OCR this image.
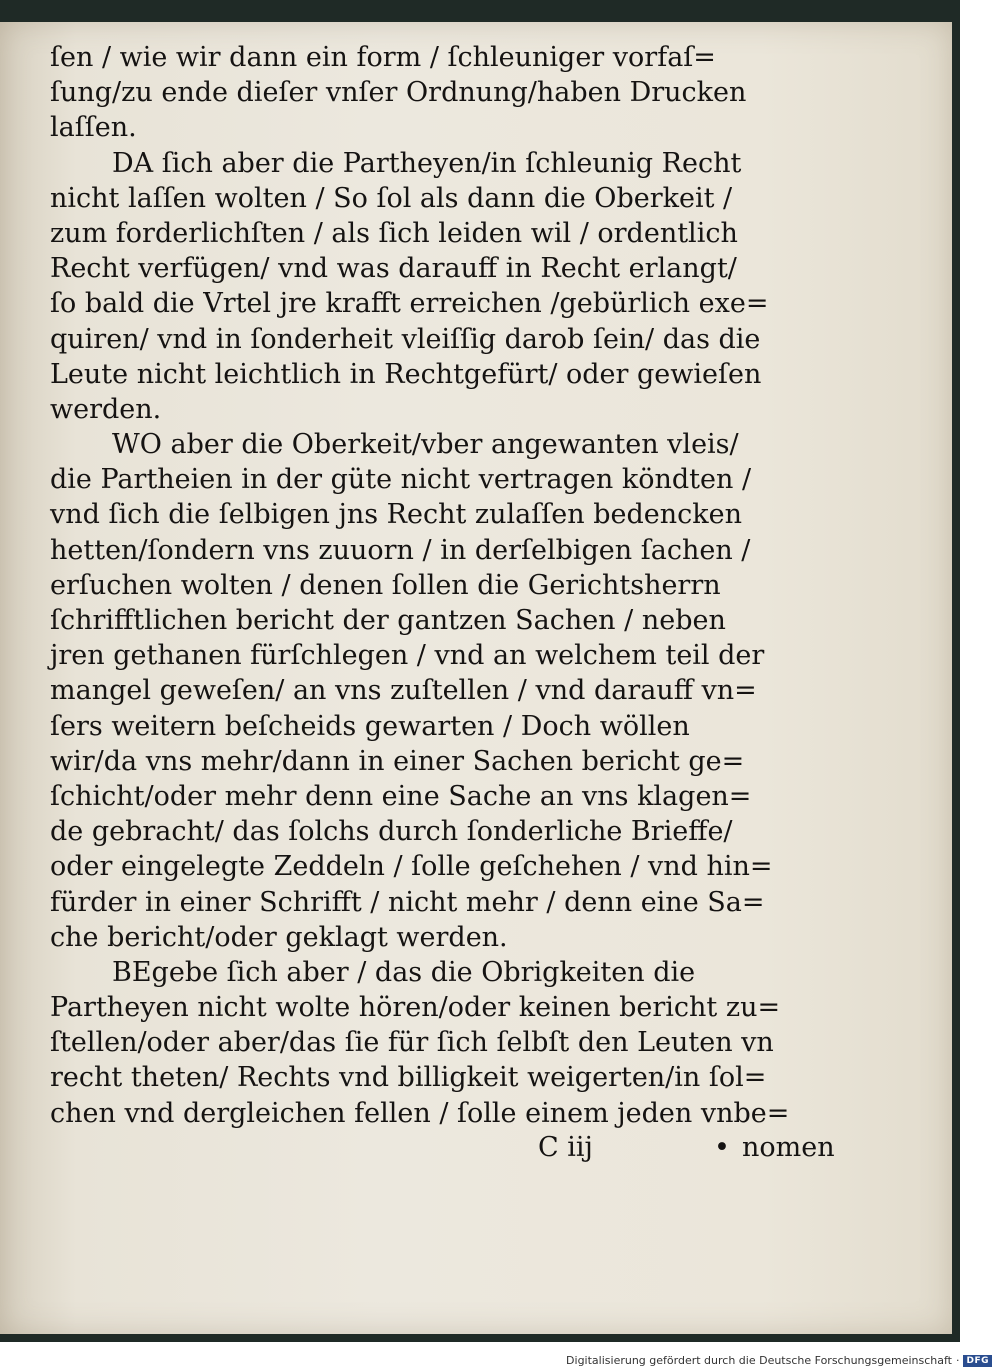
ſen / wie wir dann ein form / ſchleuniger vorfaſ=
ſung/zu ende dieſer vnſer Ordnung/haben Drucken
laſſen.
DA ſich aber die Partheyen/in ſchleunig Recht
nicht laſſen wolten / So ſol als dann die Oberkeit /
zum forderlichſten / als ſich leiden wil / ordentlich
Recht verfügen/ vnd was darauff in Recht erlangt/
ſo bald die Vrtel jre krafft erreichen /gebürlich exe=
quiren/ vnd in ſonderheit vleiſſig darob ſein/ das die
Leute nicht leichtlich in Rechtgefürt/ oder gewieſen
werden.
WO aber die Oberkeit/vber angewanten vleis/
die Partheien in der güte nicht vertragen köndten /
vnd ſich die ſelbigen jns Recht zulaſſen bedencken
hetten/ſondern vns zuuorn / in derſelbigen ſachen /
erſuchen wolten / denen ſollen die Gerichtsherrn
ſchrifftlichen bericht der gantzen Sachen / neben
jren gethanen fürſchlegen / vnd an welchem teil der
mangel geweſen/ an vns zuſtellen / vnd darauff vn=
ſers weitern beſcheids gewarten / Doch wöllen
wir/da vns mehr/dann in einer Sachen bericht ge=
ſchicht/oder mehr denn eine Sache an vns klagen=
de gebracht/ das ſolchs durch ſonderliche Brieffe/
oder eingelegte Zeddeln / ſolle geſchehen / vnd hin=
fürder in einer Schrifft / nicht mehr / denn eine Sa=
che bericht/oder geklagt werden.
BEgebe ſich aber / das die Obrigkeiten die
Partheyen nicht wolte hören/oder keinen bericht zu=
ſtellen/oder aber/das ſie für ſich ſelbſt den Leuten vn
recht theten/ Rechts vnd billigkeit weigerten/in ſol=
chen vnd dergleichen fellen / ſolle einem jeden vnbe=
C iij	• nomen
Digitalisierung gefördert durch die Deutsche Forschungsgemeinschaft · DFG
